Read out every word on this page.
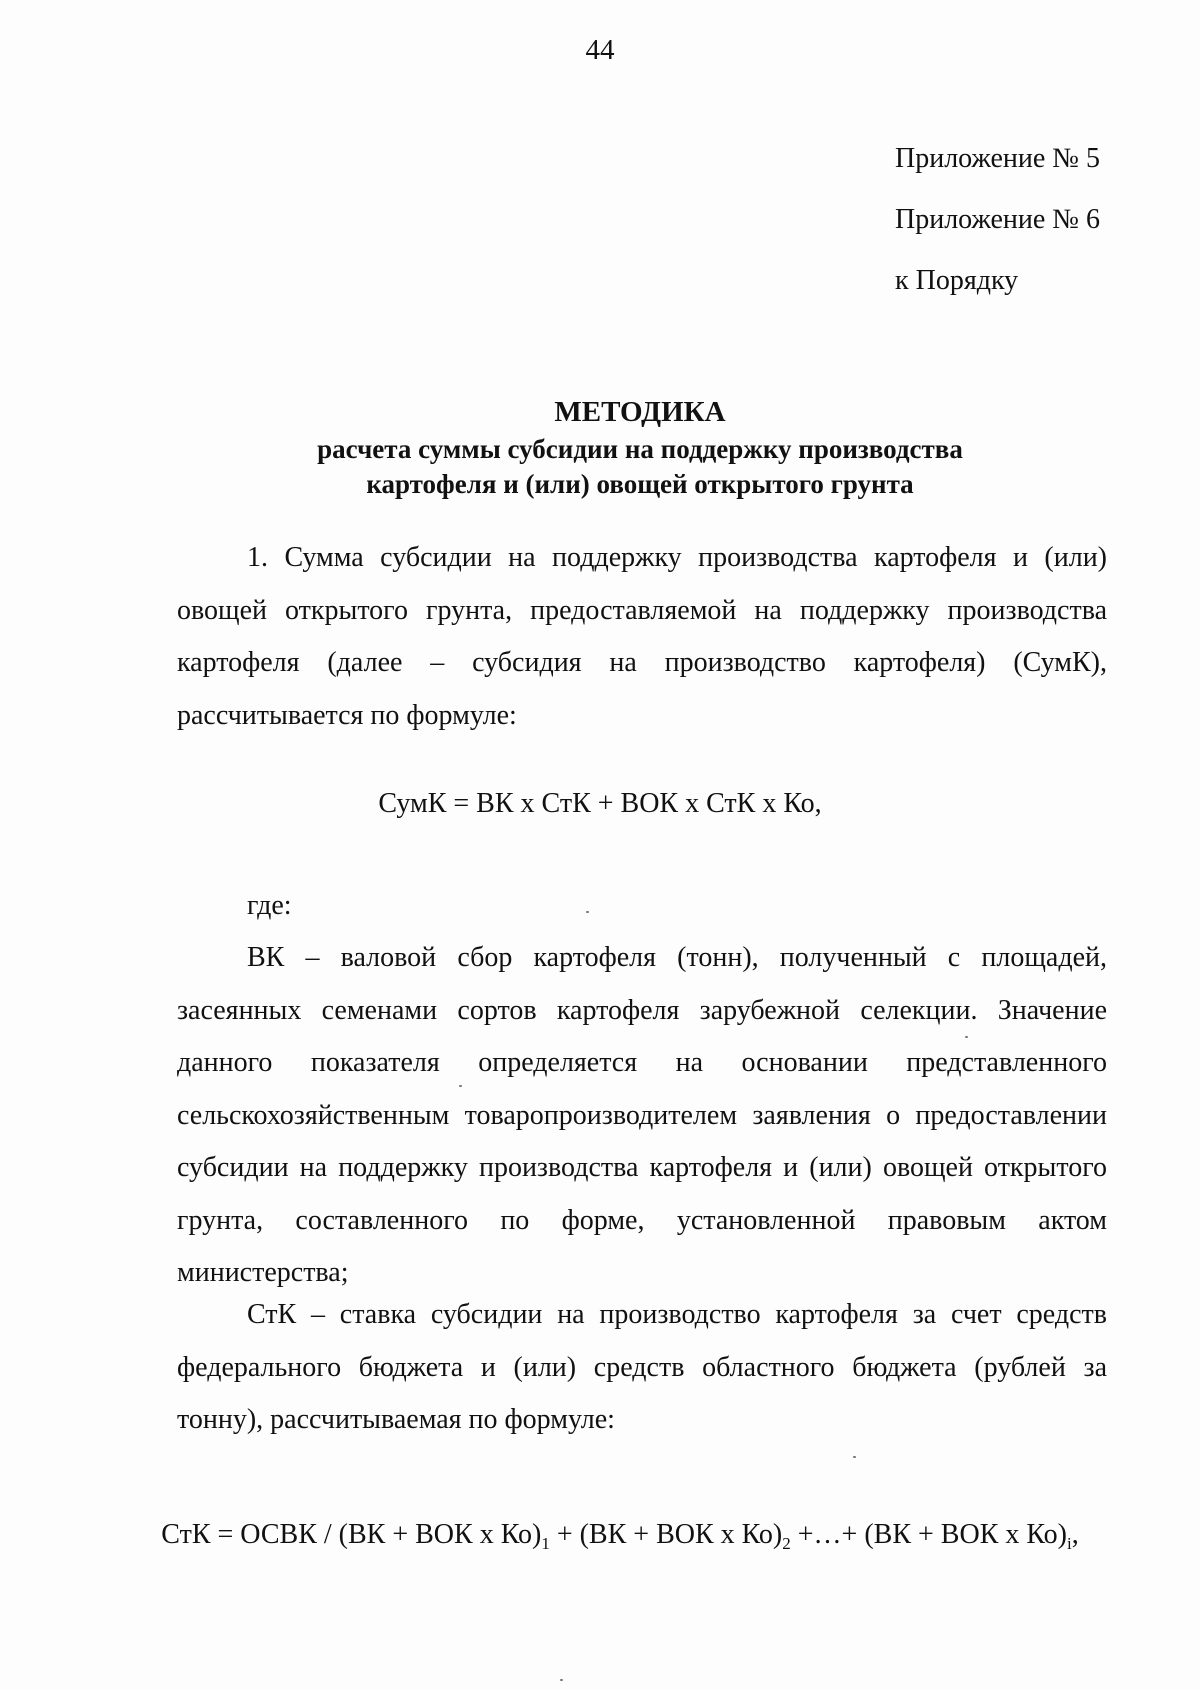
44
Приложение № 5
Приложение № 6
к Порядку
МЕТОДИКА
расчета суммы субсидии на поддержку производства
картофеля и (или) овощей открытого грунта

1. Сумма субсидии на поддержку производства картофеля и (или) овощей открытого грунта, предоставляемой на поддержку производства картофеля (далее – субсидия на производство картофеля) (СумК), рассчитывается по формуле:

СумК = ВК х СтК + ВОК х СтК х Ко,

где:

ВК – валовой сбор картофеля (тонн), полученный с площадей, засеянных семенами сортов картофеля зарубежной селекции. Значение данного показателя определяется на основании представленного сельскохозяйственным товаропроизводителем заявления о предоставлении субсидии на поддержку производства картофеля и (или) овощей открытого грунта, составленного по форме, установленной правовым актом министерства;

СтК – ставка субсидии на производство картофеля за счет средств федерального бюджета и (или) средств областного бюджета (рублей за тонну), рассчитываемая по формуле:

СтК = ОСВК / (ВК + ВОК х $Ко)_1 + (ВК$ + ВОК х $Ко)_2$ +…+ (ВК + ВОК х $Ко)_i$,
